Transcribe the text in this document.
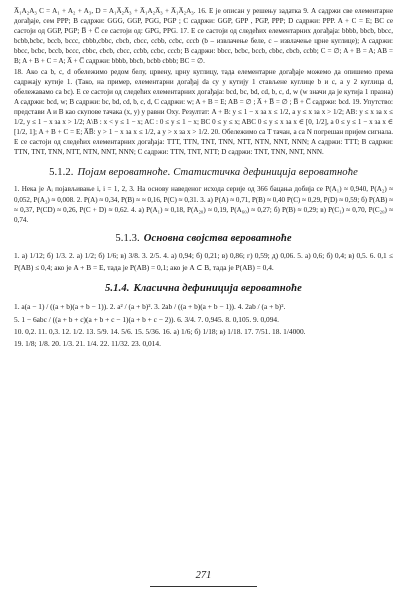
A̅₁A₂A₃ C = A₁ + A₂ + A₃, D = A₁A̅₂A̅₃ + A̅₁A₂A̅₃ + A̅₁A̅₂A₃. 16. E је описан у решењу задатка 9. А садржи све елементарне догађаје, сем PPP; B садржи: GGG, GGP, PGG, PGP ; C садржи: GGP, GPP , PGP, PPP; D садржи: PPP. A + C = E; BC се састоји од GGP, PGP; B̅ + C̅ се састоји од: GPG, PPG. 17. E се састоји од следећих елементарних догађаја: bbbb, bbcb, bbcc, bcbb,bcbc, bccb, bccc, cbbb,cbbc, cbcb, cbcc, ccbb, ccbc, cccb (b – извлачење беле, c – извлачење црне куглице); A садржи: bbcc, bcbc, bccb, bccc, cbbc, cbcb, cbcc, ccbb, ccbc, cccb; B садржи: bbcc, bcbc, bccb, cbbc, cbcb, ccbb; C = ∅; A + B = A; AB = B; A + B + C = A; A̅ + C̅ садржи: bbbb, bbcb, bcbb cbbb; BC = ∅.

18. Ако са b, c, d обележимо редом белу, црвену, црну куглицу, тада елементарне догађаје можемо да опишемо према садржају кутије 1. (Тако, на пример, елементарни догађај da су у кутију 1 стављене куглице b и c, а у 2 куглица d, обележавамо са bc). E се састоји од следећих елементарних догађаја: bcd, bc, bd, cd, b, c, d, w (w значи да је кутија 1 празна) A садржи: bcd, w; B садржи: bc, bd, cd, b, c, d, C садржи: w; A + B = E; AB = ∅ ; A̅ + B̅ = ∅ ; B̅ + C̅ садржи: bcd. 19. Упутство: представи A и B као скупове тачака (x, y) у равни Oxy. Резултат: A + B: y ≤ 1 − x за x ≤ 1/2, а y ≤ x за x > 1/2; AB: y ≤ x за x ≤ 1/2, y ≤ 1 − x за x > 1/2; A\B : x < y ≤ 1 − x; AC : 0 ≤ y ≤ 1 − x; BC 0 ≤ y ≤ x; ABC 0 ≤ y ≤ x за x ∈ [0, 1/2], а 0 ≤ y ≤ 1 − x за x ∈ [1/2, 1]; A + B + C = E; A̅B̅: y > 1 − x за x ≤ 1/2, а y > x за x > 1/2. 20. Обележимо са T тачан, а са N погрешан пријем сигнала. E се састоји од следећих елементарних догађаја: TTT, TTN, TNT, TNN, NTT, NTN, NNT, NNN; A садржи: TTT; B садржи: TTN, TNT, TNN, NTT, NTN, NNT, NNN; C садржи: TTN, TNT, NTT; D садржи: TNT, TNN, NNT, NNN.

5.1.2. Појам вероватноће. Статистичка дефиниција вероватноће

1. Нека је Aᵢ појављивање i, i = 1, 2, 3. На основу наведеног исхода серије од 366 бацања добија се P(A₁) ≈ 0,940, P(A₂) ≈ 0,052, P(A₃) ≈ 0,008. 2. P(A) ≈ 0,34, P(B) ≈ ≈ 0,16, P(C) ≈ 0,31. 3. a) P(A) ≈ 0,71, P(B) ≈ 0,40 P(C) ≈ 0,29, P(D) ≈ 0,59; б) P(AB) ≈ ≈ 0,37, P(CD) ≈ 0,26, P(C + D) ≈ 0,62. 4. a) P(A₁) ≈ 0,18, P(A₂₀) ≈ 0,19, P(A₆₀) ≈ 0,27; б) P(B) ≈ 0,29; в) P(C₁) ≈ 0,70, P(C₂₀) ≈ 0,74.

5.1.3. Основна својства вероватноће

1. a) 1/12; б) 1/3. 2. a) 1/2; б) 1/6; в) 3/8. 3. 2/5. 4. a) 0,94; б) 0,21; в) 0,86; г) 0,59; д) 0,06. 5. a) 0,6; б) 0,4; в) 0,5. 6. 0,1 ≤ P(AB) ≤ 0,4; ако је A + B = E, тада је P(AB) = 0,1; ако је A ⊂ B, тада је P(AB) = 0,4.

5.1.4. Класична дефиниција вероватноће

1. a(a − 1) / ((a + b)(a + b − 1)). 2. a² / (a + b)². 3. 2ab / ((a + b)(a + b − 1)). 4. 2ab / (a + b)².

5. 1 − 6abc / ((a + b + c)(a + b + c − 1)(a + b + c − 2)). 6. 3/4. 7. 0,945. 8. 0,105. 9. 0,094.

10. 0,2. 11. 0,3. 12. 1/2. 13. 5/9. 14. 5/6. 15. 5/36. 16. a) 1/6; б) 1/18; в) 1/18. 17. 7/51. 18. 1/4000.

19. 1/8; 1/8. 20. 1/3. 21. 1/4. 22. 11/32. 23. 0,014.

271
